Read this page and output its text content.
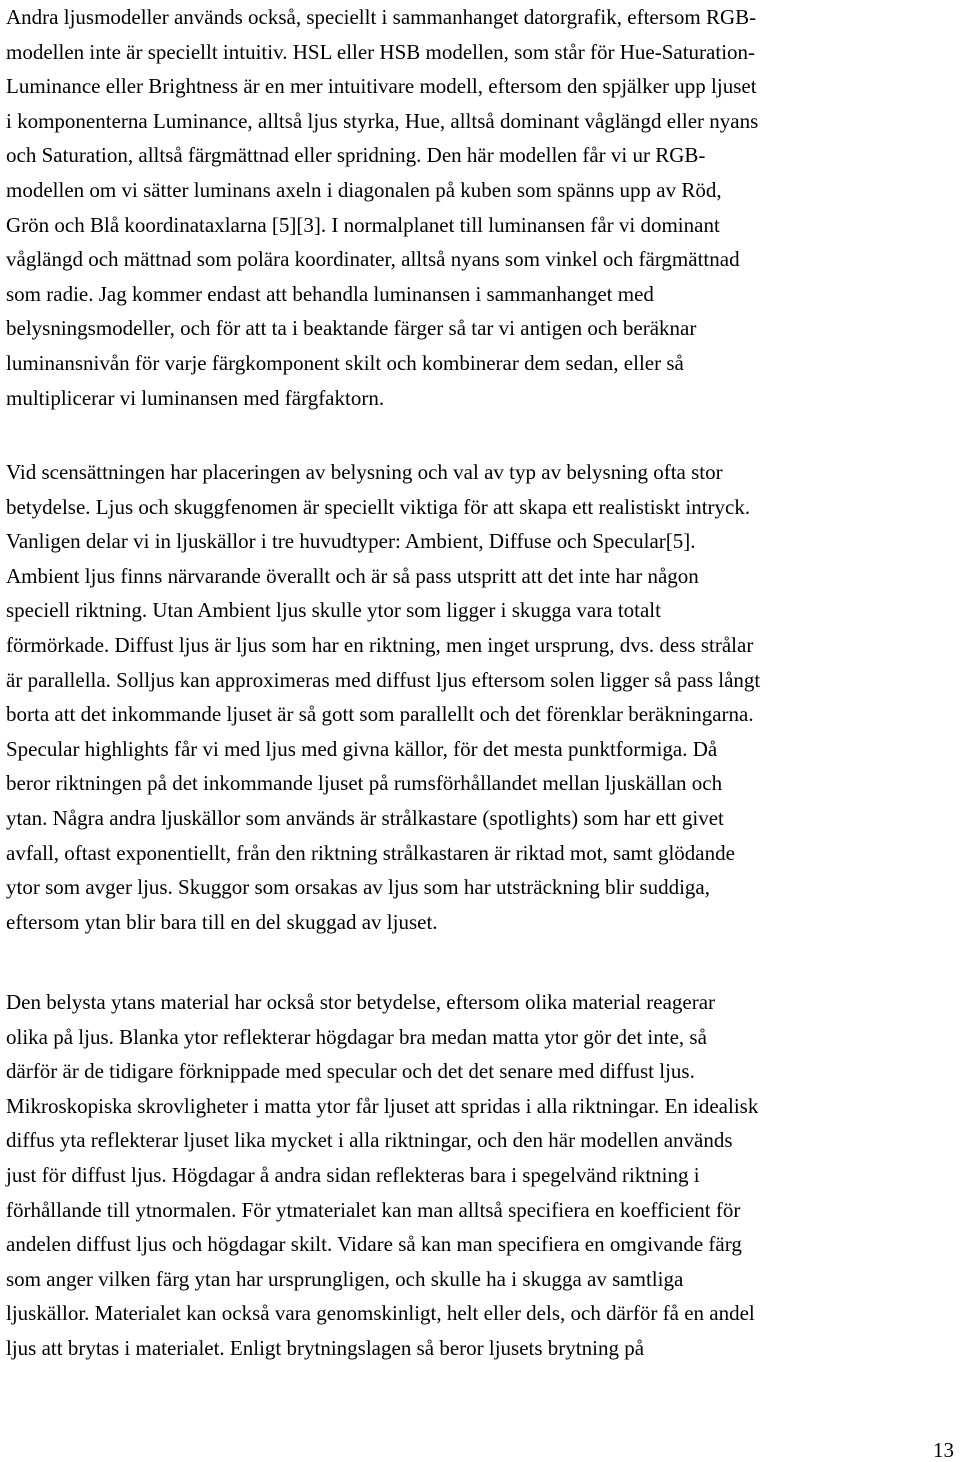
Andra ljusmodeller används också, speciellt i sammanhanget datorgrafik, eftersom RGB-
modellen inte är speciellt intuitiv. HSL eller HSB modellen, som står för Hue-Saturation-
Luminance eller Brightness är en mer intuitivare modell, eftersom den spjälker upp ljuset
i komponenterna Luminance, alltså ljus styrka, Hue, alltså dominant våglängd eller nyans
och Saturation, alltså färgmättnad eller spridning. Den här modellen får vi ur RGB-
modellen om vi sätter luminans axeln i diagonalen på kuben som spänns upp av Röd,
Grön och Blå koordinataxlarna [5][3]. I normalplanet till luminansen får vi dominant
våglängd och mättnad som polära koordinater, alltså nyans som vinkel och färgmättnad
som radie. Jag kommer endast att behandla luminansen i sammanhanget med
belysningsmodeller, och för att ta i beaktande färger så tar vi antigen och beräknar
luminansnivån för varje färgkomponent skilt och kombinerar dem sedan, eller så
multiplicerar vi luminansen med färgfaktorn.
Vid scensättningen har placeringen av belysning och val av typ av belysning ofta stor
betydelse. Ljus och skuggfenomen är speciellt viktiga för att skapa ett realistiskt intryck.
Vanligen delar vi in ljuskällor i tre huvudtyper: Ambient, Diffuse och Specular[5].
Ambient ljus finns närvarande överallt och är så pass utspritt att det inte har någon
speciell riktning. Utan Ambient ljus skulle ytor som ligger i skugga vara totalt
förmörkade. Diffust ljus är ljus som har en riktning, men inget ursprung, dvs. dess strålar
är parallella. Solljus kan approximeras med diffust ljus eftersom solen ligger så pass långt
borta att det inkommande ljuset är så gott som parallellt och det förenklar beräkningarna.
Specular highlights får vi med ljus med givna källor, för det mesta punktformiga. Då
beror riktningen på det inkommande ljuset på rumsförhållandet mellan ljuskällan och
ytan. Några andra ljuskällor som används är strålkastare (spotlights) som har ett givet
avfall, oftast exponentiellt, från den riktning strålkastaren är riktad mot, samt glödande
ytor som avger ljus. Skuggor som orsakas av ljus som har utsträckning blir suddiga,
eftersom ytan blir bara till en del skuggad av ljuset.
Den belysta ytans material har också stor betydelse, eftersom olika material reagerar
olika på ljus. Blanka ytor reflekterar högdagar bra medan matta ytor gör det inte, så
därför är de tidigare förknippade med specular och det det senare med diffust ljus.
Mikroskopiska skrovligheter i matta ytor får ljuset att spridas i alla riktningar. En idealisk
diffus yta reflekterar ljuset lika mycket i alla riktningar, och den här modellen används
just för diffust ljus. Högdagar å andra sidan reflekteras bara i spegelvänd riktning i
förhållande till ytnormalen. För ytmaterialet kan man alltså specifiera en koefficient för
andelen diffust ljus och högdagar skilt. Vidare så kan man specifiera en omgivande färg
som anger vilken färg ytan har ursprungligen, och skulle ha i skugga av samtliga
ljuskällor. Materialet kan också vara genomskinligt, helt eller dels, och därför få en andel
ljus att brytas i materialet. Enligt brytningslagen så beror ljusets brytning på
13
